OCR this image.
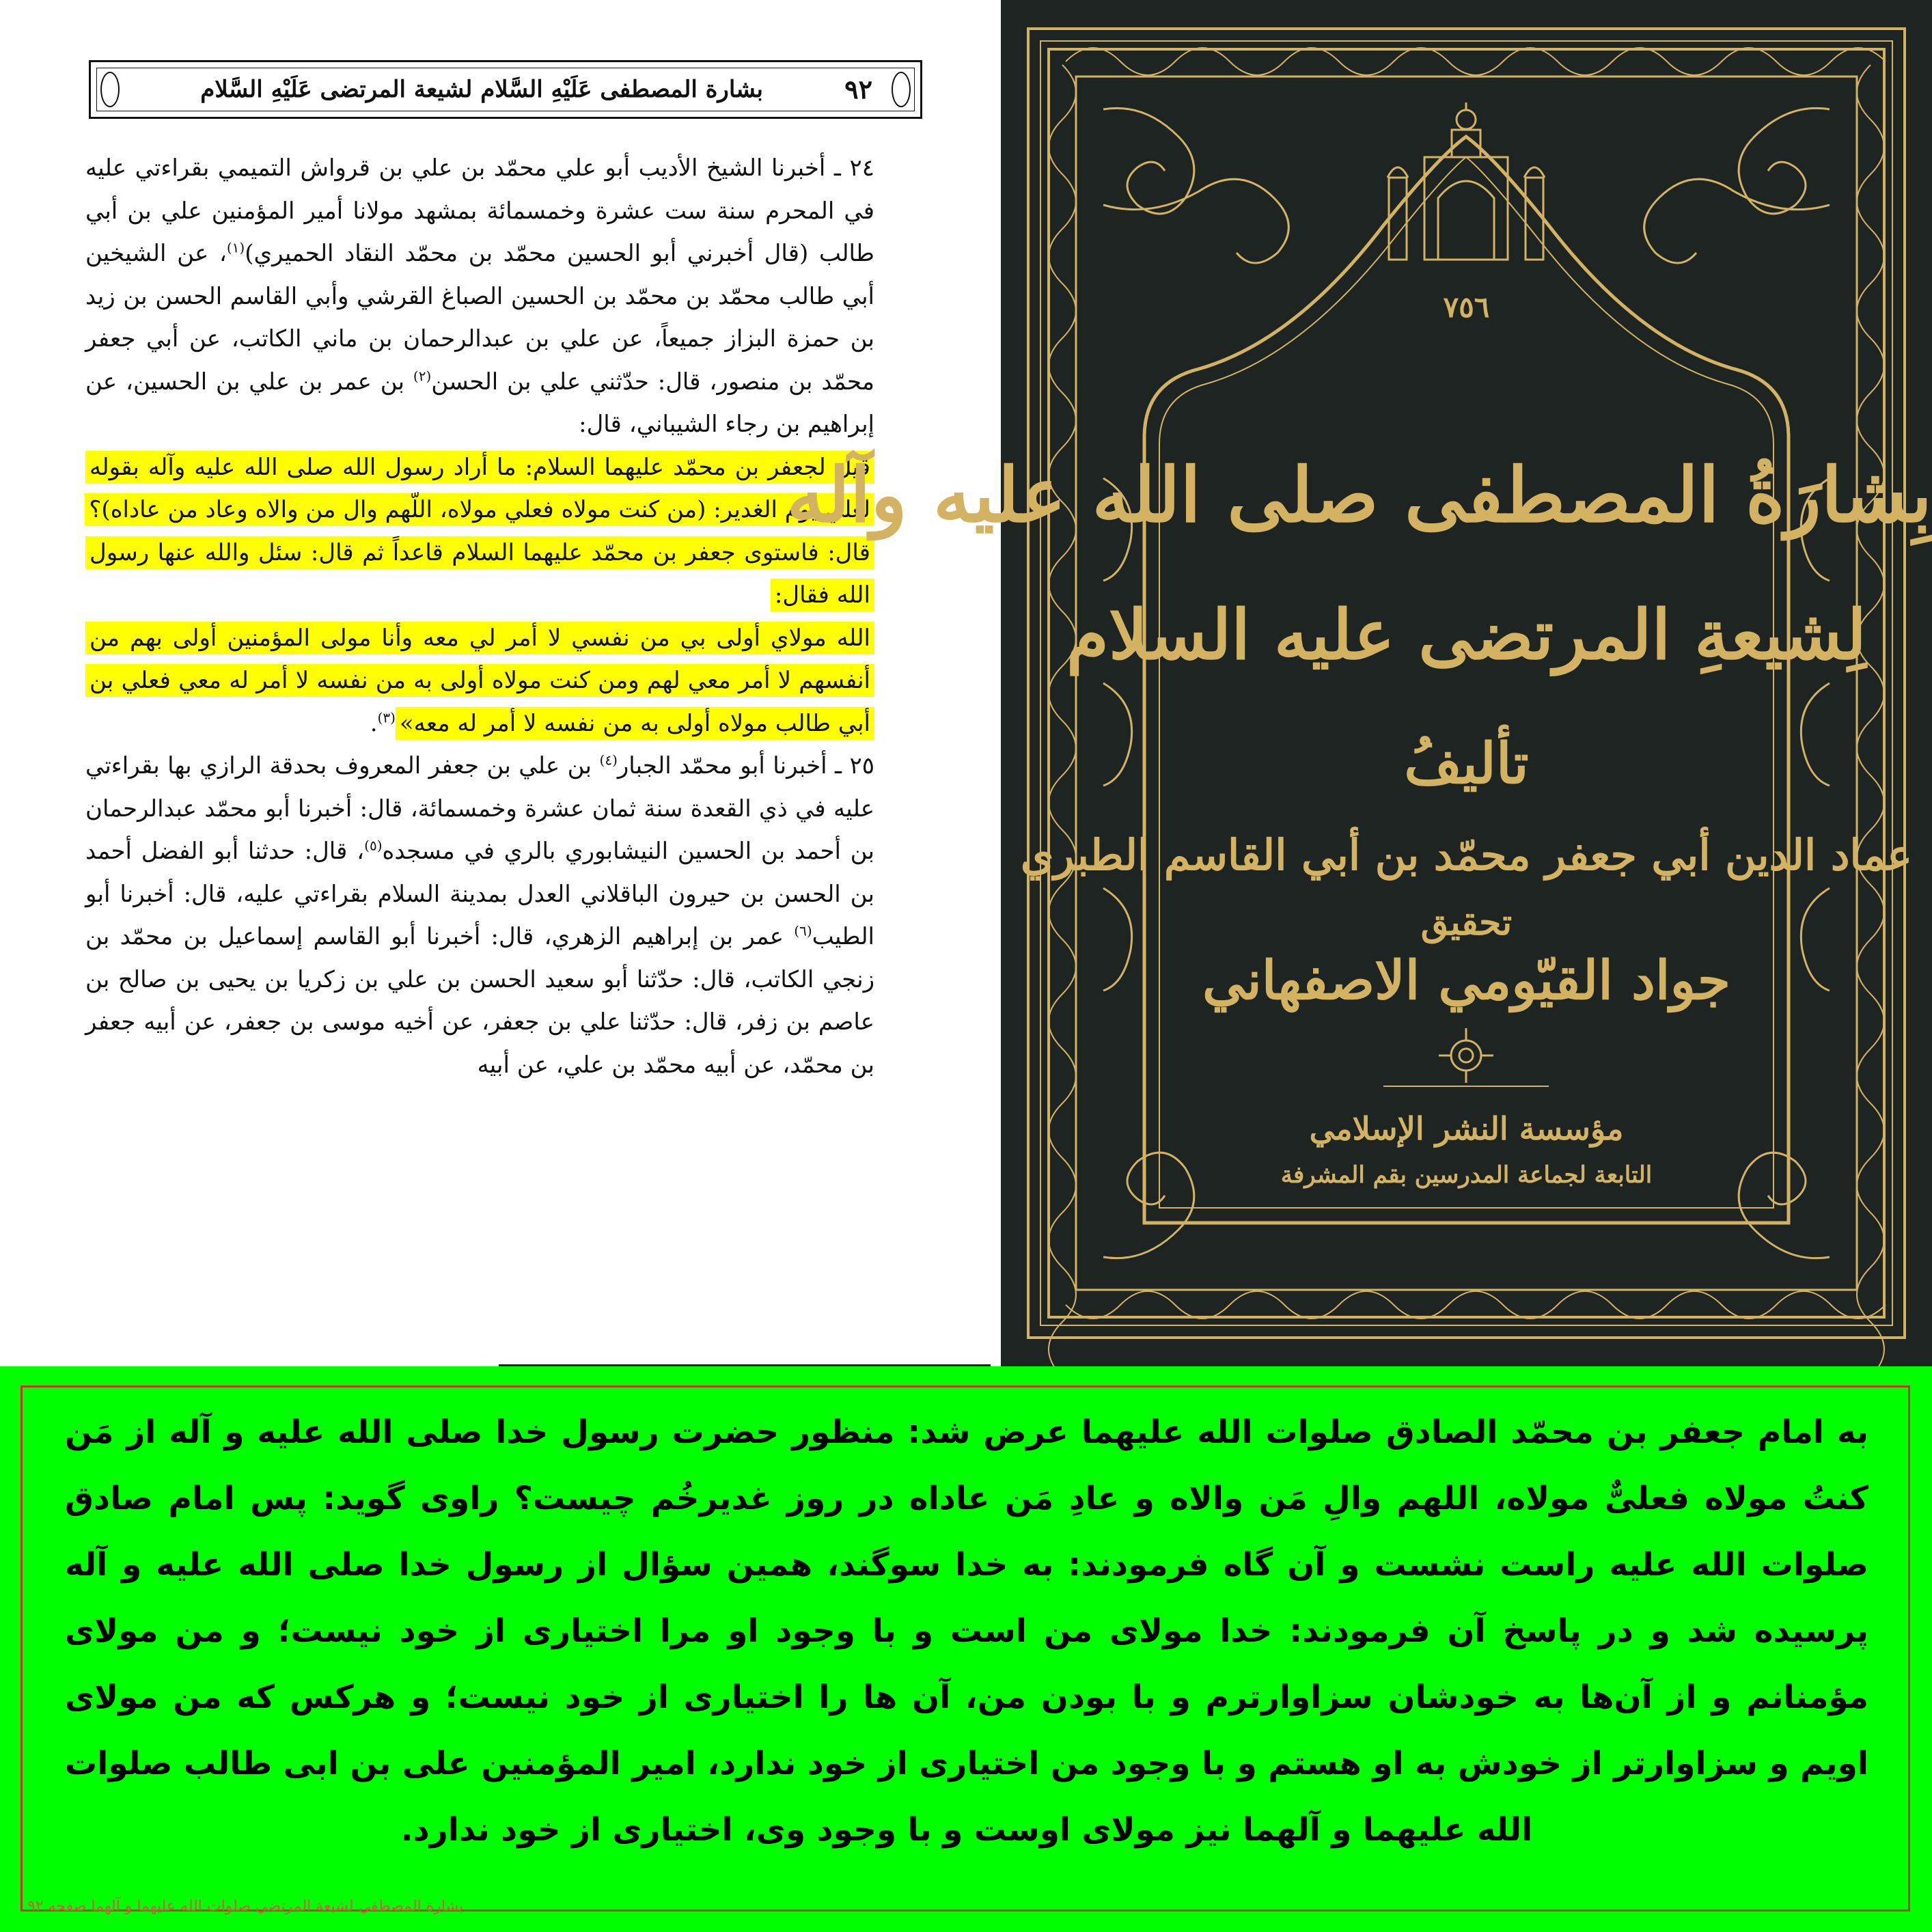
بشارة المصطفى عَلَيْهِ السَّلام لشيعة المرتضى عَلَيْهِ السَّلام	٩٢

٢٤ ـ أخبرنا الشيخ الأديب أبو علي محمّد بن علي بن قرواش التميمي بقراءتي عليه في المحرم سنة ست عشرة وخمسمائة بمشهد مولانا أمير المؤمنين علي بن أبي طالب (قال أخبرني أبو الحسين محمّد بن محمّد النقاد الحميري)$^{(١)}$، عن الشيخين أبي طالب محمّد بن محمّد بن الحسين الصباغ القرشي وأبي القاسم الحسن بن زيد بن حمزة البزاز جميعاً، عن علي بن عبدالرحمان بن ماني الكاتب، عن أبي جعفر محمّد بن منصور، قال: حدّثني علي بن الحسن$^{(٢)}$ بن عمر بن علي بن الحسين، عن إبراهيم بن رجاء الشيباني، قال:

قيل لجعفر بن محمّد عليهما السلام: ما أراد رسول الله صلى الله عليه وآله بقوله لعلي يوم الغدير: (من كنت مولاه فعلي مولاه، اللّهم وال من والاه وعاد من عاداه)؟ قال: فاستوى جعفر بن محمّد عليهما السلام قاعداً ثم قال: سئل والله عنها رسول الله فقال:

الله مولاي أولى بي من نفسي لا أمر لي معه وأنا مولى المؤمنين أولى بهم من أنفسهم لا أمر معي لهم ومن كنت مولاه أولى به من نفسه لا أمر له معي فعلي بن أبي طالب مولاه أولى به من نفسه لا أمر له معه»$^{(٣)}$.

٢٥ ـ أخبرنا أبو محمّد الجبار$^{(٤)}$ بن علي بن جعفر المعروف بحدقة الرازي بها بقراءتي عليه في ذي القعدة سنة ثمان عشرة وخمسمائة، قال: أخبرنا أبو محمّد عبدالرحمان بن أحمد بن الحسين النيشابوري بالري في مسجده$^{(٥)}$، قال: حدثنا أبو الفضل أحمد بن الحسن بن حيرون الباقلاني العدل بمدينة السلام بقراءتي عليه، قال: أخبرنا أبو الطيب$^{(٦)}$ عمر بن إبراهيم الزهري، قال: أخبرنا أبو القاسم إسماعيل بن محمّد بن زنجي الكاتب، قال: حدّثنا أبو سعيد الحسن بن علي بن زكريا بن يحيى بن صالح بن عاصم بن زفر، قال: حدّثنا علي بن جعفر، عن أخيه موسى بن جعفر، عن أبيه جعفر بن محمّد، عن أبيه محمّد بن علي، عن أبيه

٧٥٦
بِشارَةُ المصطفى صلى الله عليه وآله
لِشيعةِ المرتضى عليه السلام
تأليفُ
عماد الدين أبي جعفر محمّد بن أبي القاسم الطبري
تحقيق
جواد القيّومي الاصفهاني
مؤسسة النشر الإسلامي
التابعة لجماعة المدرسين بقم المشرفة
به امام جعفر بن محمّد الصادق صلوات الله علیهما عرض شد: منظور حضرت رسول خدا صلی الله علیه و آله از مَن کنتُ مولاه فعلیٌّ مولاه، اللهم والِ مَن والاه و عادِ مَن عاداه در روز غدیرخُم چیست؟ راوی گوید: پس امام صادق صلوات الله علیه راست نشست و آن گاه فرمودند: به خدا سوگند، همین سؤال از رسول خدا صلی الله علیه و آله پرسیده شد و در پاسخ آن فرمودند: خدا مولای من است و با وجود او مرا اختیاری از خود نیست؛ و من مولای مؤمنانم و از آن‌ها به خودشان سزاوارترم و با بودن من، آن ها را اختیاری از خود نیست؛ و هرکس که من مولای اویم و سزاوارتر از خودش به او هستم و با وجود من اختیاری از خود ندارد، امیر المؤمنین علی بن ابی طالب صلوات الله علیهما و آلهما نیز مولای اوست و با وجود وی، اختیاری از خود ندارد.
بشارة المصطفي لشيعة المرتضي صلوات الله عليهما و آلهما صفحه ٩٢
